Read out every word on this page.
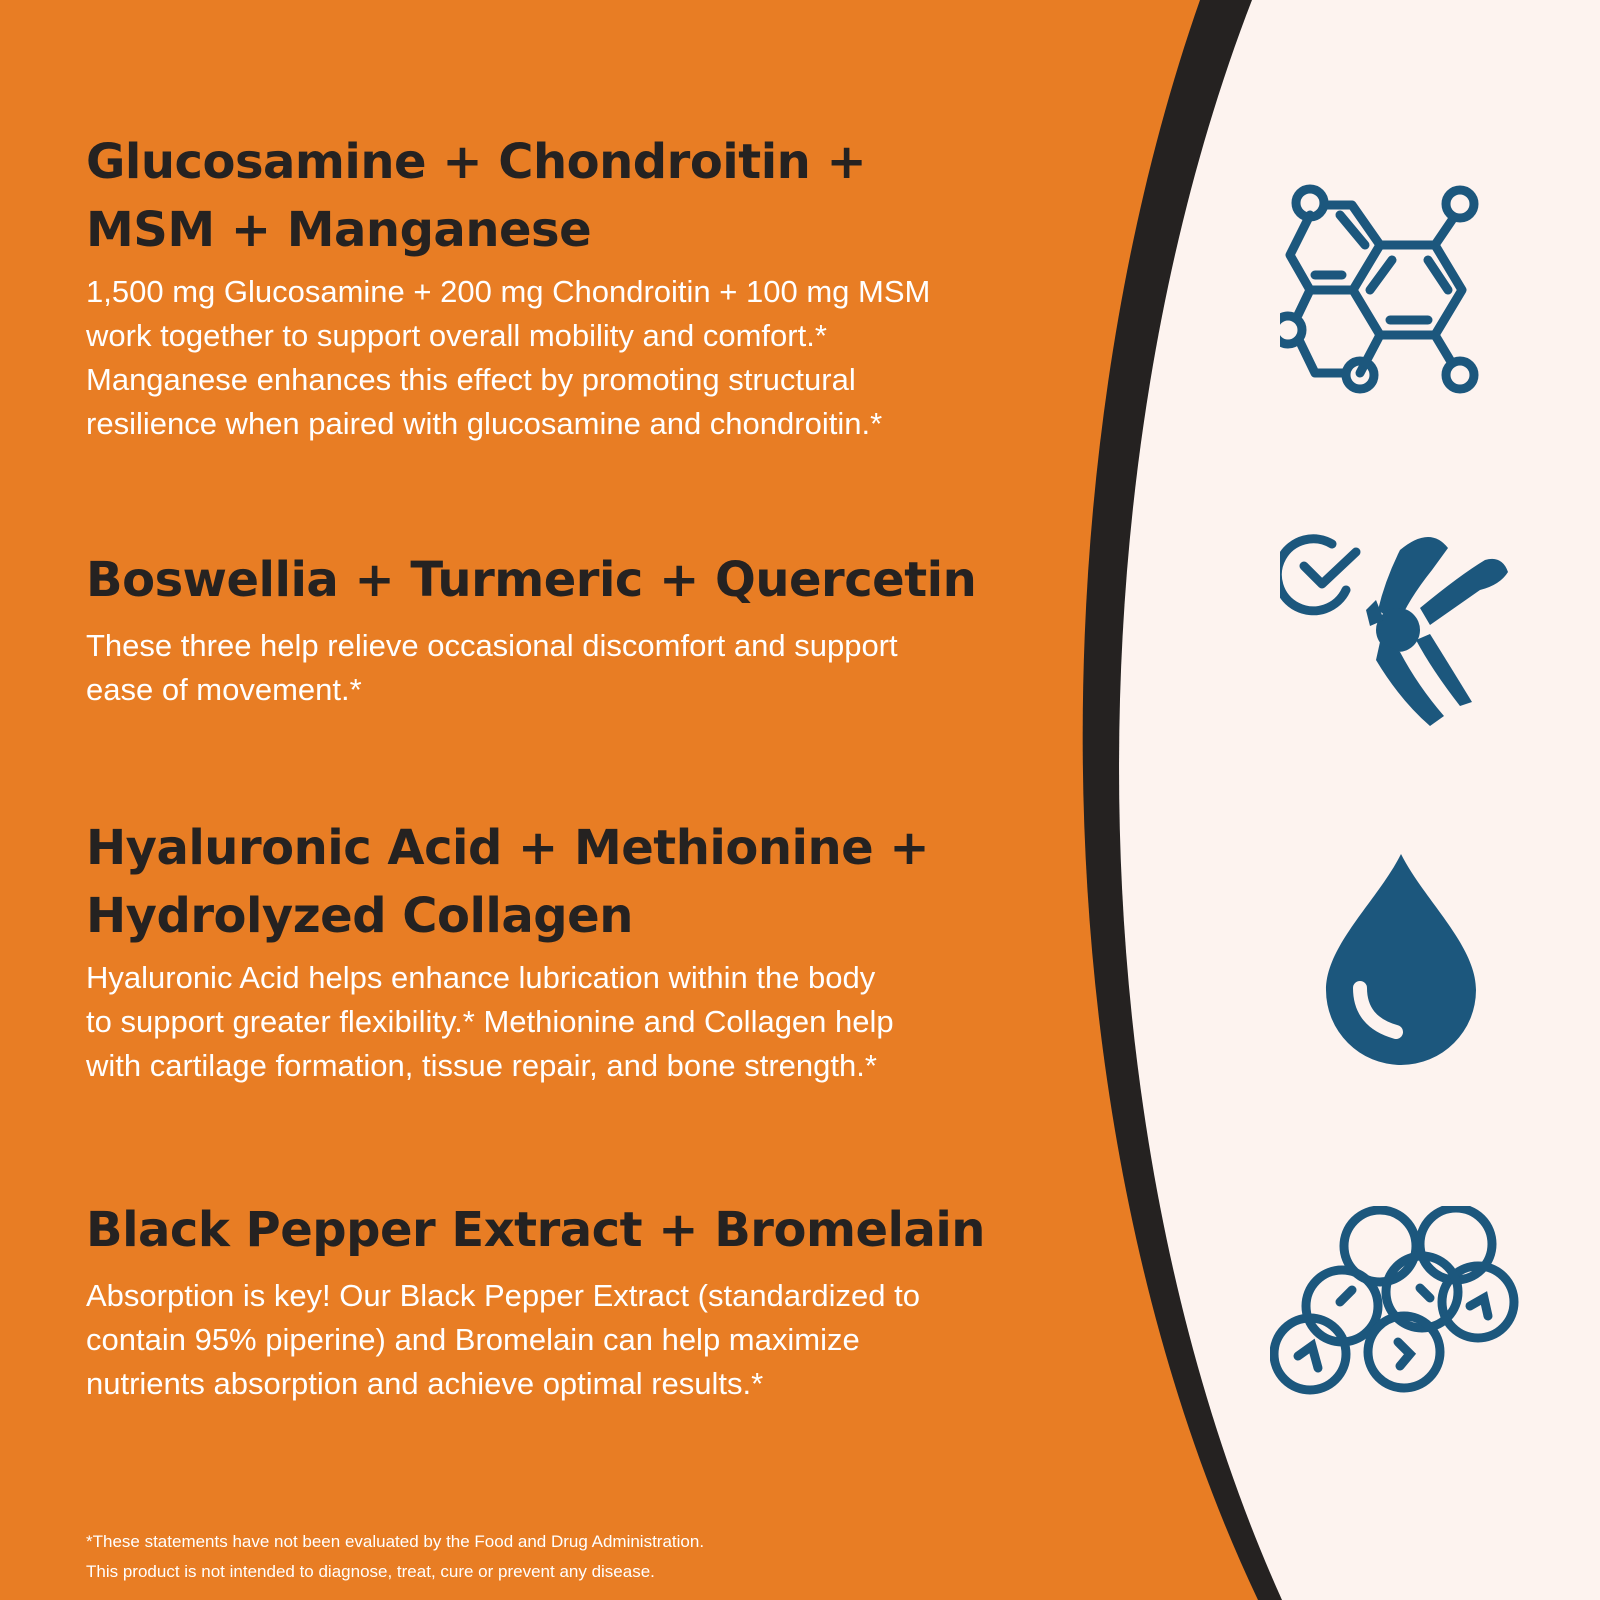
Glucosamine + Chondroitin + MSM + Manganese

1,500 mg Glucosamine + 200 mg Chondroitin + 100 mg MSM
work together to support overall mobility and comfort.*
Manganese enhances this effect by promoting structural
resilience when paired with glucosamine and chondroitin.*

Boswellia + Turmeric + Quercetin

These three help relieve occasional discomfort and support
ease of movement.*

Hyaluronic Acid + Methionine + Hydrolyzed Collagen

Hyaluronic Acid helps enhance lubrication within the body
to support greater flexibility.* Methionine and Collagen help
with cartilage formation, tissue repair, and bone strength.*

Black Pepper Extract + Bromelain

Absorption is key! Our Black Pepper Extract (standardized to
contain 95% piperine) and Bromelain can help maximize
nutrients absorption and achieve optimal results.*

*These statements have not been evaluated by the Food and Drug Administration.
This product is not intended to diagnose, treat, cure or prevent any disease.
